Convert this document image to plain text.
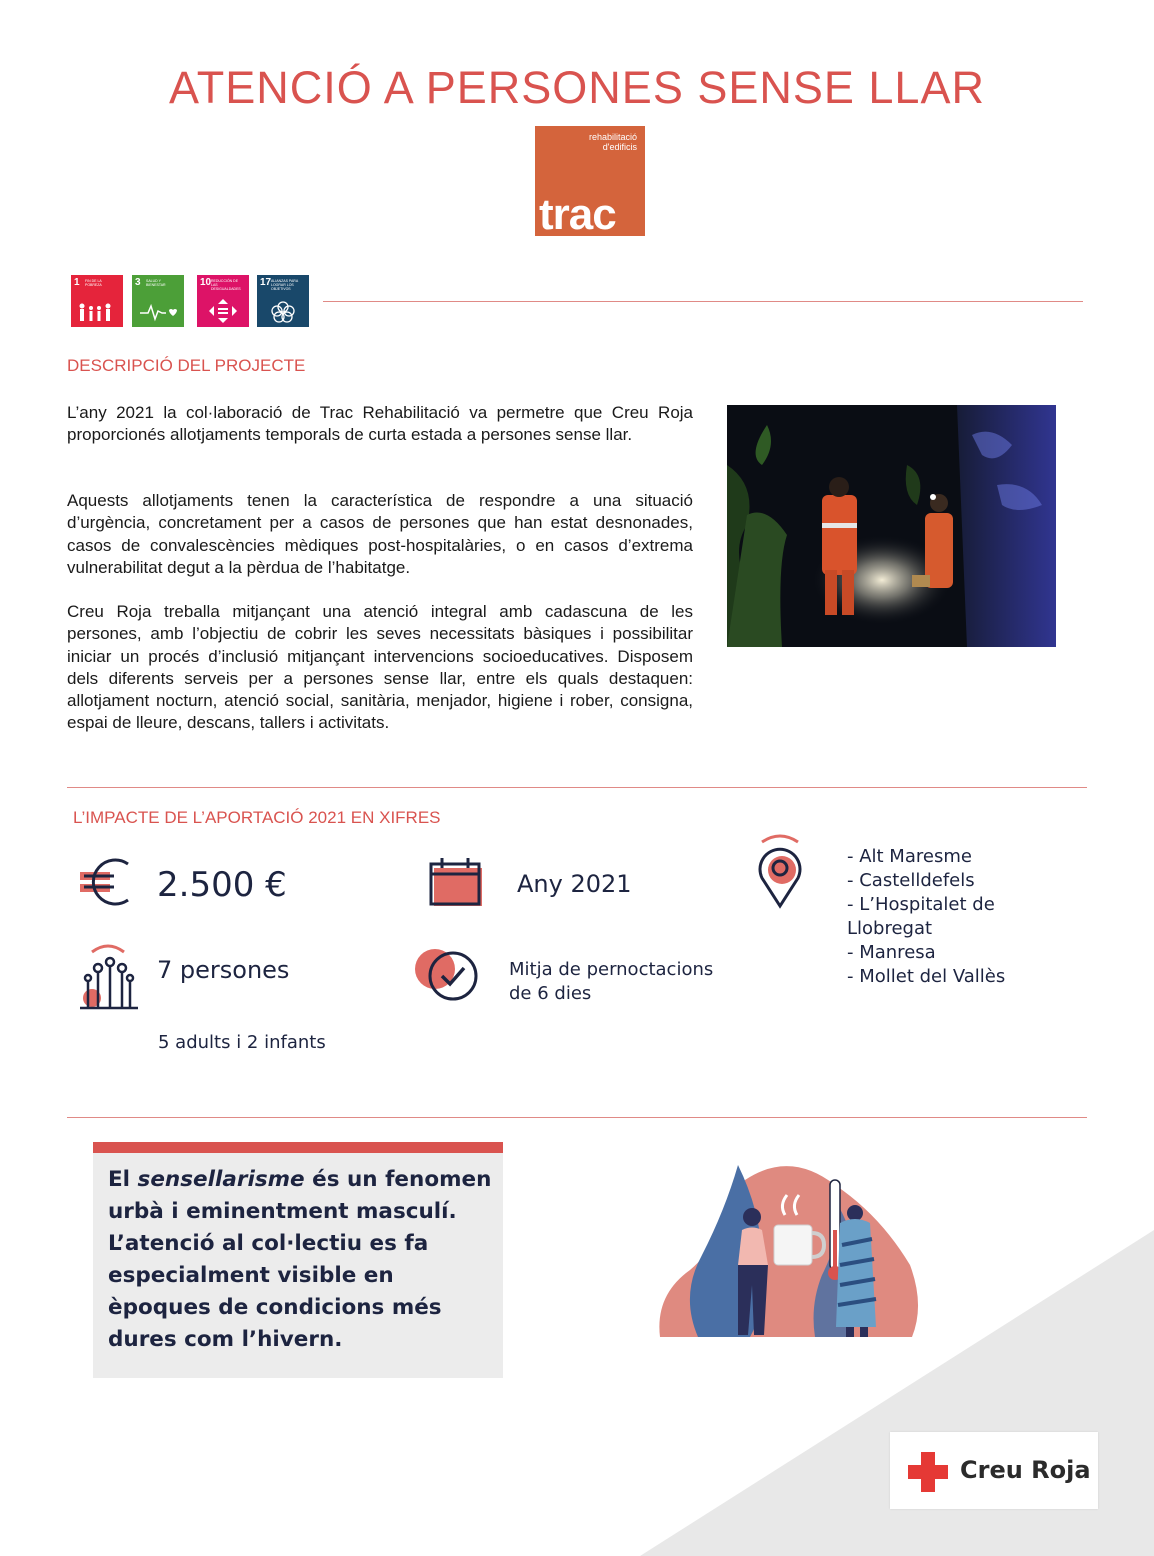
ATENCIÓ A PERSONES SENSE LLAR
rehabilitació
d'edificis
trac
1 FIN DE LA POBREZA	3 SALUD Y BIENESTAR	10 REDUCCIÓN DE LAS DESIGUALDADES
17 ALIANZAS PARA LOGRAR LOS OBJETIVOS
DESCRIPCIÓ DEL PROJECTE
L’any 2021 la col·laboració de Trac Rehabilitació va permetre que Creu Roja proporcionés allotjaments temporals de curta estada a persones sense llar.
Aquests allotjaments tenen la característica de respondre a una situació d’urgència, concretament per a casos de persones que han estat desnonades, casos de convalescències mèdiques post-hospitalàries, o en casos d’extrema vulnerabilitat degut a la pèrdua de l’habitatge.
Creu Roja treballa mitjançant una atenció integral amb cadascuna de les persones, amb l’objectiu de cobrir les seves necessitats bàsiques i possibilitar iniciar un procés d’inclusió mitjançant intervencions socioeducatives. Disposem dels diferents serveis per a persones sense llar, entre els quals destaquen: allotjament nocturn, atenció social, sanitària, menjador, higiene i rober, consigna, espai de lleure, descans, tallers i activitats.
L’IMPACTE DE L’APORTACIÓ 2021 EN XIFRES
2.500 €	Any 2021
- Alt Maresme
- Castelldefels
- L’Hospitalet de
Llobregat
- Manresa
- Mollet del Vallès
7 persones
5 adults i 2 infants
Mitja de pernoctacions
de 6 dies
El sensellarisme és un fenomen urbà i eminentment masculí. L’atenció al col·lectiu es fa especialment visible en èpoques de condicions més dures com l’hivern.
Creu Roja
